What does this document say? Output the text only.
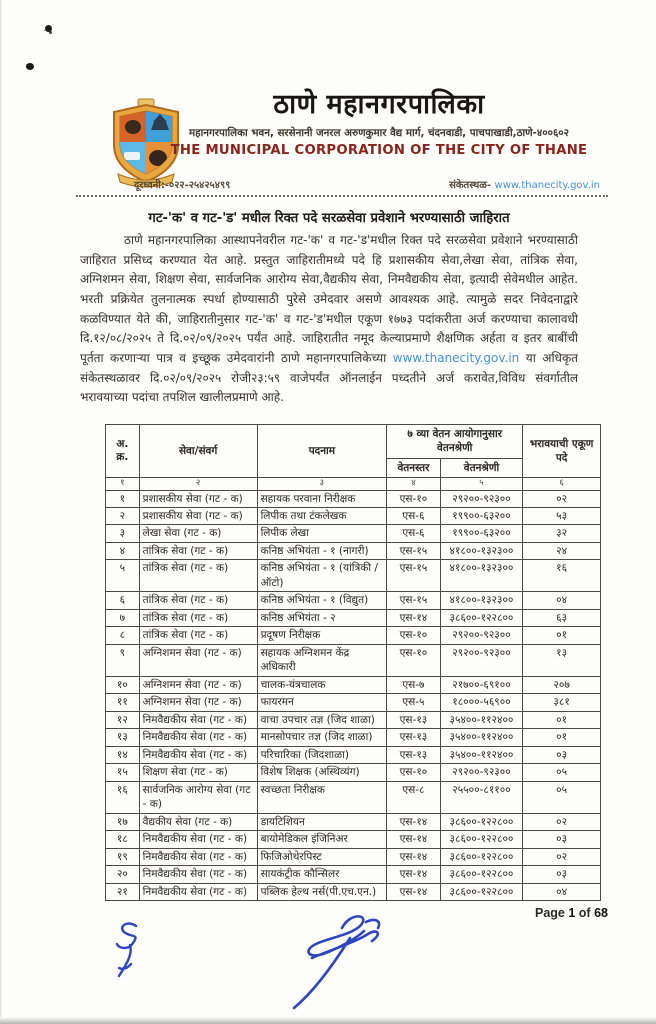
ठाणे महानगरपालिका
महानगरपालिका भवन, सरसेनानी जनरल अरुणकुमार वैद्य मार्ग, चंदनवाडी, पाचपाखाडी,ठाणे-४००६०२
THE MUNICIPAL CORPORATION OF THE CITY OF THANE
दूरध्वनी:-०२२-२५४२५४९९	संकेतस्थळ- www.thanecity.gov.in
गट-'क' व गट-'ड' मधील रिक्त पदे सरळसेवा प्रवेशाने भरण्यासाठी जाहिरात
ठाणे महानगरपालिका आस्थापनेवरील गट-'क' व गट-'ड'मधील रिक्त पदे सरळसेवा प्रवेशाने भरण्यासाठी जाहिरात प्रसिध्द करण्यात येत आहे. प्रस्तुत जाहिरातीमध्ये पदे हि प्रशासकीय सेवा,लेखा सेवा, तांत्रिक सेवा, अग्निशमन सेवा, शिक्षण सेवा, सार्वजनिक आरोग्य सेवा,वैद्यकीय सेवा, निमवैद्यकीय सेवा, इत्यादी सेवेमधील आहेत. भरती प्रक्रियेत तुलनात्मक स्पर्धा होण्यासाठी पुरेसे उमेदवार असणे आवश्यक आहे. त्यामुळे सदर निवेदनाद्वारे कळविण्यात येते की, जाहिरातीनुसार गट-'क' व गट-'ड'मधील एकूण १७७३ पदांकरीता अर्ज करण्याचा कालावधी दि.१२/०८/२०२५ ते दि.०२/०९/२०२५ पर्यंत आहे. जाहिरातीत नमूद केल्याप्रमाणे शैक्षणिक अर्हता व इतर बाबींची पूर्तता करणाऱ्या पात्र व इच्छूक उमेदवारांनी ठाणे महानगरपालिकेच्या www.thanecity.gov.in या अधिकृत संकेतस्थळावर दि.०२/०९/२०२५ रोजी२३:५९ वाजेपर्यंत ऑनलाईन पध्दतीने अर्ज करावेत,विविध संवर्गातील भरावयाच्या पदांचा तपशिल खालीलप्रमाणे आहे.
अ.
क्र.	सेवा/संवर्ग	पदनाम	७ व्या वेतन आयोगानुसार वेतनश्रेणी		भरावयाची एकूण पदे
			वेतनस्तर	वेतनश्रेणी	
१	२	३	४	५	६
१	प्रशासकीय सेवा (गट - क)	सहायक परवाना निरीक्षक	एस-१०	२९२००-९२३००	०२
२	प्रशासकीय सेवा (गट - क)	लिपीक तथा टंकलेखक	एस-६	१९९००-६३२००	५३
३	लेखा सेवा (गट - क)	लिपीक लेखा	एस-६	१९९००-६३२००	३२
४	तांत्रिक सेवा (गट - क)	कनिष्ठ अभियंता - १ (नागरी)	एस-१५	४१८००-१३२३००	२४
५	तांत्रिक सेवा (गट - क)	कनिष्ठ अभियंता - १ (यांत्रिकी / ऑटो)	एस-१५	४१८००-१३२३००	१६
६	तांत्रिक सेवा (गट - क)	कनिष्ठ अभियंता - १ (विद्युत)	एस-१५	४१८००-१३२३००	०४
७	तांत्रिक सेवा (गट - क)	कनिष्ठ अभियंता - २	एस-१४	३८६००-१२२८००	६३
८	तांत्रिक सेवा (गट - क)	प्रदूषण निरीक्षक	एस-१०	२९२००-९२३००	०१
९	अग्निशमन सेवा (गट - क)	सहायक अग्निशमन केंद्र अधिकारी	एस-१०	२९२००-९२३००	१३
१०	अग्निशमन सेवा (गट - क)	चालक-यंत्रचालक	एस-७	२१७००-६९१००	२०७
११	अग्निशमन सेवा (गट - क)	फायरमन	एस-५	१८०००-५६९००	३८१
१२	निमवैद्यकीय सेवा (गट - क)	वाचा उपचार तज्ञ (जिद शाळा)	एस-१३	३५४००-११२४००	०१
१३	निमवैद्यकीय सेवा (गट - क)	मानसोपचार तज्ञ (जिद शाळा)	एस-१३	३५४००-११२४००	०१
१४	निमवैद्यकीय सेवा (गट - क)	परिचारिका (जिदशाळा)	एस-१३	३५४००-११२४००	०३
१५	शिक्षण सेवा (गट - क)	विशेष शिक्षक (अस्थिव्यंग)	एस-१०	२९२००-९२३००	०५
१६	सार्वजनिक आरोग्य सेवा (गट - क)	स्वच्छता निरीक्षक	एस-८	२५५००-८११००	०५
१७	वैद्यकीय सेवा (गट - क)	डायटिशियन	एस-१४	३८६००-१२२८००	०२
१८	निमवैद्यकीय सेवा (गट - क)	बायोमेडिकल इंजिनिअर	एस-१४	३८६००-१२२८००	०३
१९	निमवैद्यकीय सेवा (गट - क)	फिजिओथेरपिस्ट	एस-१४	३८६००-१२२८००	०२
२०	निमवैद्यकीय सेवा (गट - क)	सायकंट्रीक कौन्सिलर	एस-१४	३८६००-१२२८००	०३
२१	निमवैद्यकीय सेवा (गट - क)	पब्लिक हेल्थ नर्स(पी.एच.एन.)	एस-१४	३८६००-१२२८००	०४
Page 1 of 68
